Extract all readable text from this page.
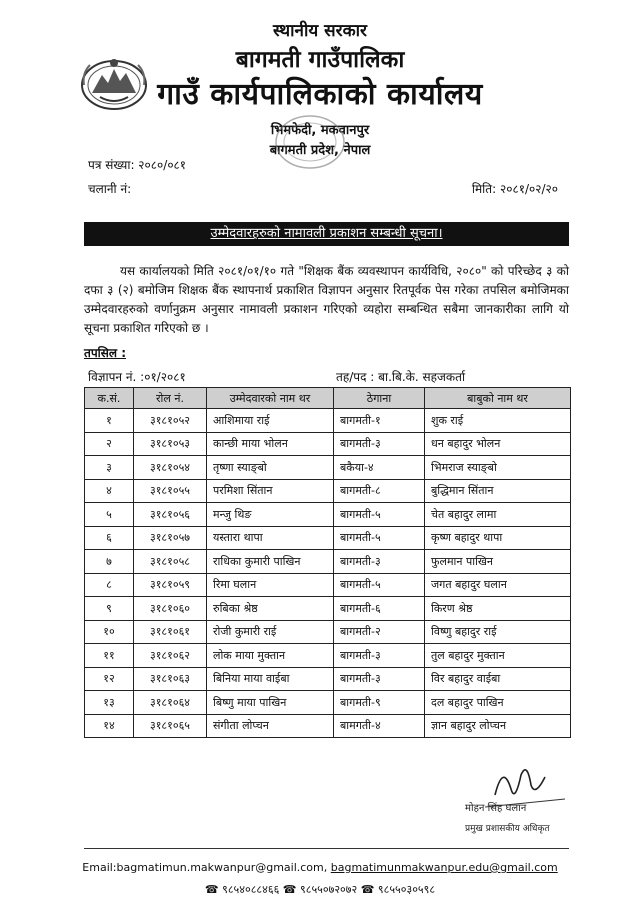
स्थानीय सरकार
बागमती गाउँपालिका
गाउँ कार्यपालिकाको कार्यालय
भिमफेदी, मकवानपुर
बागमती प्रदेश, नेपाल
पत्र संख्या: २०८०/०८१
चलानी नं:	मिति: २०८१/०२/२०
उम्मेदवारहरुको नामावली प्रकाशन सम्बन्धी सूचना।
यस कार्यालयको मिति २०८१/०१/१० गते "शिक्षक बैंक व्यवस्थापन कार्यविधि, २०८०" को परिच्छेद ३ को दफा ३ (२) बमोजिम शिक्षक बैंक स्थापनार्थ प्रकाशित विज्ञापन अनुसार रितपूर्वक पेस गरेका तपसिल बमोजिमका उम्मेदवारहरुको वर्णानुक्रम अनुसार नामावली प्रकाशन गरिएको व्यहोरा सम्बन्धित सबैमा जानकारीका लागि यो सूचना प्रकाशित गरिएको छ ।
तपसिल :
विज्ञापन नं. :०१/२०८१	तह/पद : बा.बि.के. सहजकर्ता
क.सं.	रोल नं.	उम्मेदवारको नाम थर	ठेगाना	बाबुको नाम थर
१	३१८१०५२	आशिमाया राई	बागमती-१	शुक राई
२	३१८१०५३	कान्छी माया भोलन	बागमती-३	धन बहादुर भोलन
३	३१८१०५४	तृष्णा स्याङ्बो	बकैया-४	भिमराज स्याङ्बो
४	३१८१०५५	परमिशा सिंतान	बागमती-८	बुद्धिमान सिंतान
५	३१८१०५६	मन्जु थिङ	बागमती-५	चेत बहादुर लामा
६	३१८१०५७	यस्तारा थापा	बागमती-५	कृष्ण बहादुर थापा
७	३१८१०५८	राधिका कुमारी पाखिन	बागमती-३	फुलमान पाखिन
८	३१८१०५९	रिमा घलान	बागमती-५	जगत बहादुर घलान
९	३१८१०६०	रुबिका श्रेष्ठ	बागमती-६	किरण श्रेष्ठ
१०	३१८१०६१	रोजी कुमारी राई	बागमती-२	विष्णु बहादुर राई
११	३१८१०६२	लोक माया मुक्तान	बागमती-३	तुल बहादुर मुक्तान
१२	३१८१०६३	बिनिया माया वाईबा	बागमती-३	विर बहादुर वाईबा
१३	३१८१०६४	बिष्णु माया पाखिन	बागमती-९	दल बहादुर पाखिन
१४	३१८१०६५	संगीता लोप्चन	बामगती-४	ज्ञान बहादुर लोप्चन
मोहन सिंह घलान
प्रमुख प्रशासकीय अधिकृत
Email:bagmatimun.makwanpur@gmail.com, bagmatimunmakwanpur.edu@gmail.com
☎ ९८५४०८८४६६ ☎ ९८५५०७२०७२ ☎ ९८५५०३०५९८
